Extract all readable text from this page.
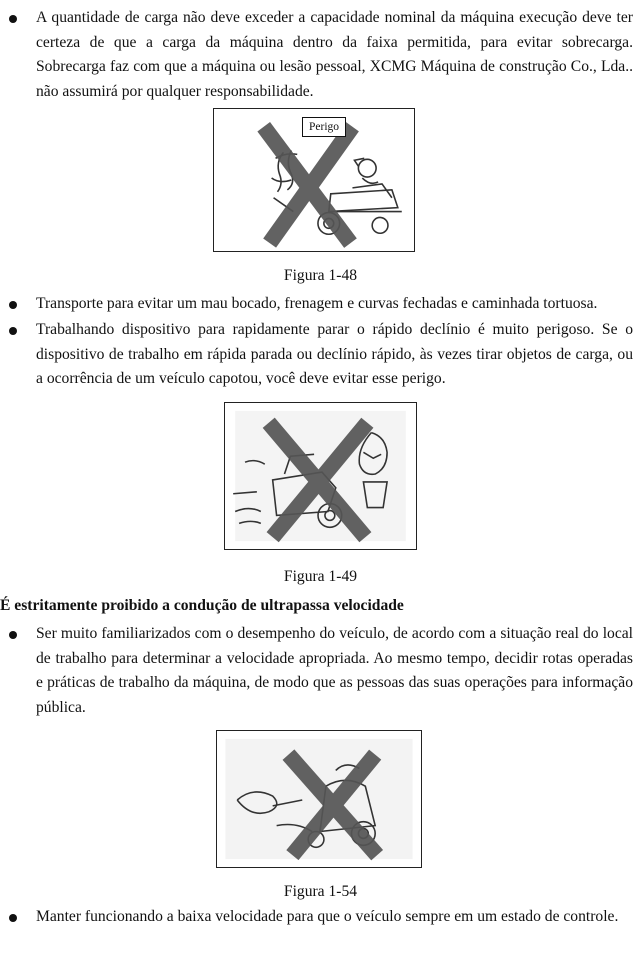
A quantidade de carga não deve exceder a capacidade nominal da máquina execução deve ter certeza de que a carga da máquina dentro da faixa permitida, para evitar sobrecarga. Sobrecarga faz com que a máquina ou lesão pessoal, XCMG Máquina de construção Co., Lda.. não assumirá por qualquer responsabilidade.
Perigo
Figura 1-48
Transporte para evitar um mau bocado, frenagem e curvas fechadas e caminhada tortuosa.
Trabalhando dispositivo para rapidamente parar o rápido declínio é muito perigoso. Se o dispositivo de trabalho em rápida parada ou declínio rápido, às vezes tirar objetos de carga, ou a ocorrência de um veículo capotou, você deve evitar esse perigo.
Figura 1-49
É estritamente proibido a condução de ultrapassa velocidade
Ser muito familiarizados com o desempenho do veículo, de acordo com a situação real do local de trabalho para determinar a velocidade apropriada. Ao mesmo tempo, decidir rotas operadas e práticas de trabalho da máquina, de modo que as pessoas das suas operações para informação pública.
Figura 1-54
Manter funcionando a baixa velocidade para que o veículo sempre em um estado de controle.
